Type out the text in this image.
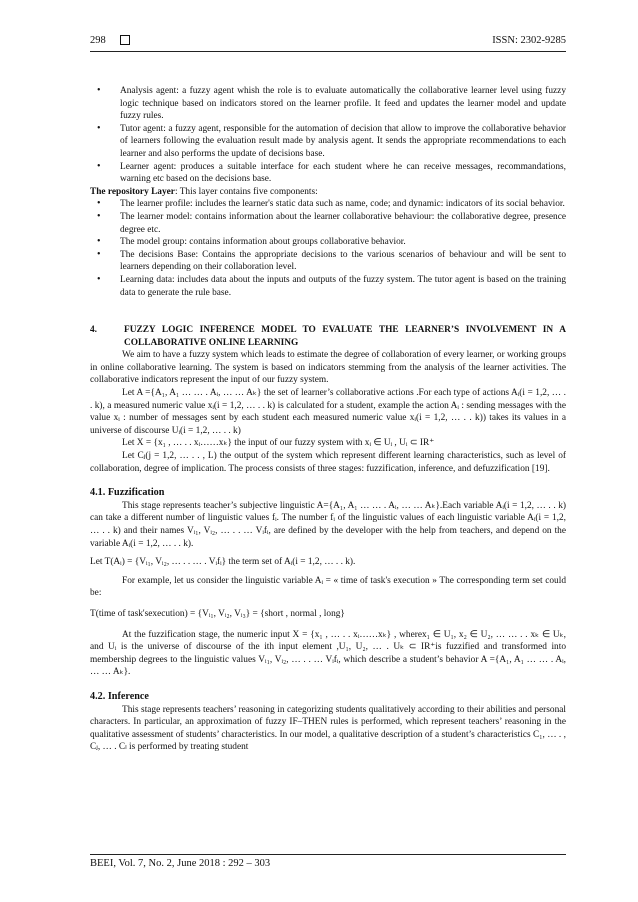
298	ISSN: 2302-9285
• Analysis agent: a fuzzy agent whish the role is to evaluate automatically the collaborative learner level using fuzzy logic technique based on indicators stored on the learner profile. It feed and updates the learner model and update fuzzy rules.
• Tutor agent: a fuzzy agent, responsible for the automation of decision that allow to improve the collaborative behavior of learners following the evaluation result made by analysis agent. It sends the appropriate recommendations to each learner and also performs the update of decisions base.
• Learner agent: produces a suitable interface for each student where he can receive messages, recommandations, warning etc based on the decisions base.

The repository Layer: This layer contains five components:

• The learner profile: includes the learner's static data such as name, code; and dynamic: indicators of its social behavior.
• The learner model: contains information about the learner collaborative behaviour: the collaborative degree, presence degree etc.
• The model group: contains information about groups collaborative behavior.
• The decisions Base: Contains the appropriate decisions to the various scenarios of behaviour and will be sent to learners depending on their collaboration level.
• Learning data: includes data about the inputs and outputs of the fuzzy system. The tutor agent is based on the training data to generate the rule base.
4.	FUZZY LOGIC INFERENCE MODEL TO EVALUATE THE LEARNER’S INVOLVEMENT IN A COLLABORATIVE ONLINE LEARNING

We aim to have a fuzzy system which leads to estimate the degree of collaboration of every learner, or working groups in online collaborative learning. The system is based on indicators stemming from the analysis of the learner activities. The collaborative indicators represent the input of our fuzzy system.

Let A ={A₁, A₁ … … . Aᵢ, … … Aₖ} the set of learner’s collaborative actions .For each type of actions Aᵢ(i = 1,2, … . . k), a measured numeric value xᵢ(i = 1,2, … . . k) is calculated for a student, example the action Aᵢ : sending messages with the value xᵢ : number of messages sent by each student each measured numeric value xᵢ(i = 1,2, … . . k)) takes its values in a universe of discourse Uᵢ(i = 1,2, … . . k)

Let X = {x₁ , … . . xᵢ……xₖ} the input of our fuzzy system with xᵢ ∈ Uᵢ , Uᵢ ⊂ IR⁺

Let Cⱼ(j = 1,2, … . . , L) the output of the system which represent different learning characteristics, such as level of collaboration, degree of implication. The process consists of three stages: fuzzification, inference, and defuzzification [19].

4.1. Fuzzification

This stage represents teacher’s subjective linguistic A={A₁, A₁ … … . Aᵢ, … … Aₖ}.Each variable Aᵢ(i = 1,2, … . . k) can take a different number of linguistic values fᵢ. The number fᵢ of the linguistic values of each linguistic variable Aᵢ(i = 1,2, … . . k) and their names Vᵢ₁, Vᵢ₂, … . . … Vᵢfᵢ, are defined by the developer with the help from teachers, and depend on the variable Aᵢ(i = 1,2, … . . k).

Let T(Aᵢ) = {Vᵢ₁, Vᵢ₂, … . . … . Vᵢfᵢ} the term set of Aᵢ(i = 1,2, … . . k).

For example, let us consider the linguistic variable Aᵢ = « time of task's execution » The corresponding term set could be:

T(time of task'sexecution) = {Vᵢ₁, Vᵢ₂, Vᵢ₃} = {short , normal , long}

At the fuzzification stage, the numeric input X = {x₁ , … . . xᵢ……xₖ} , wherex₁ ∈ U₁, x₂ ∈ U₂, … … . . xₖ ∈ Uₖ, and Uᵢ is the universe of discourse of the ith input element ,U₁, U₂, … . Uₖ ⊂ IR⁺is fuzzified and transformed into membership degrees to the linguistic values Vᵢ₁, Vᵢ₂, … . . … Vᵢfᵢ, which describe a student’s behavior A ={A₁, A₁ … … . Aᵢ, … … Aₖ}.

4.2. Inference

This stage represents teachers’ reasoning in categorizing students qualitatively according to their abilities and personal characters. In particular, an approximation of fuzzy IF–THEN rules is performed, which represent teachers’ reasoning in the qualitative assessment of students’ characteristics. In our model, a qualitative description of a student’s characteristics C₁, … . , Cⱼ, … . Cₗ is performed by treating student

BEEI, Vol. 7, No. 2, June 2018 : 292 – 303
